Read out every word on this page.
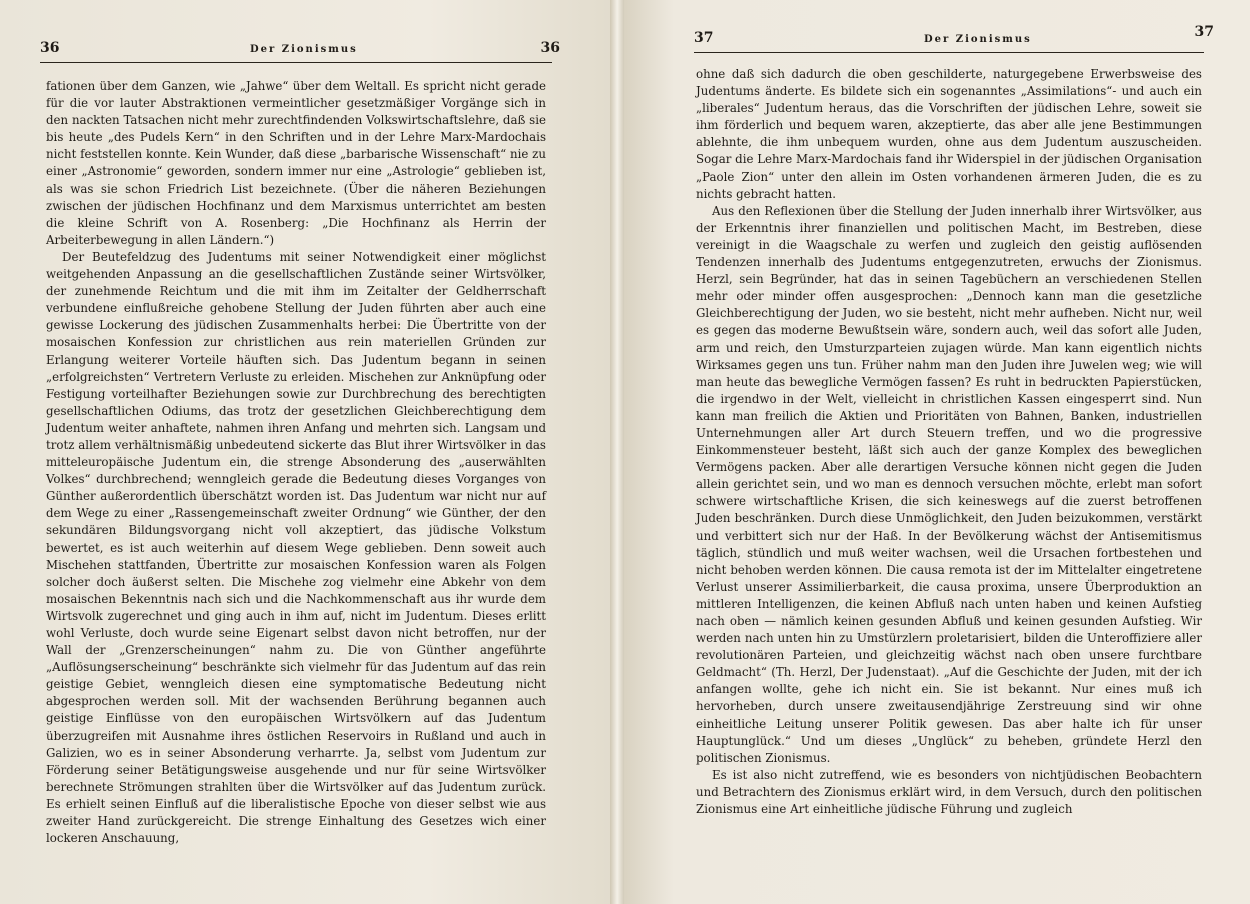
36	Der Zionismus	36

fationen über dem Ganzen, wie „Jahwe“ über dem Weltall. Es spricht nicht gerade für die vor lauter Abstraktionen vermeintlicher gesetzmäßiger Vorgänge sich in den nackten Tatsachen nicht mehr zurechtfindenden Volkswirtschaftslehre, daß sie bis heute „des Pudels Kern“ in den Schriften und in der Lehre Marx-Mardochais nicht feststellen konnte. Kein Wunder, daß diese „barbarische Wissenschaft“ nie zu einer „Astronomie“ geworden, sondern immer nur eine „Astrologie“ geblieben ist, als was sie schon Friedrich List bezeichnete. (Über die näheren Beziehungen zwischen der jüdischen Hochfinanz und dem Marxismus unterrichtet am besten die kleine Schrift von A. Rosenberg: „Die Hochfinanz als Herrin der Arbeiterbewegung in allen Ländern.“)

Der Beutefeldzug des Judentums mit seiner Notwendigkeit einer möglichst weitgehenden Anpassung an die gesellschaftlichen Zustände seiner Wirtsvölker, der zunehmende Reichtum und die mit ihm im Zeitalter der Geldherrschaft verbundene einflußreiche gehobene Stellung der Juden führten aber auch eine gewisse Lockerung des jüdischen Zusammenhalts herbei: Die Übertritte von der mosaischen Konfession zur christlichen aus rein materiellen Gründen zur Erlangung weiterer Vorteile häuften sich. Das Judentum begann in seinen „erfolgreichsten“ Vertretern Verluste zu erleiden. Mischehen zur Anknüpfung oder Festigung vorteilhafter Beziehungen sowie zur Durchbrechung des berechtigten gesellschaftlichen Odiums, das trotz der gesetzlichen Gleichberechtigung dem Judentum weiter anhaftete, nahmen ihren Anfang und mehrten sich. Langsam und trotz allem verhältnismäßig unbedeutend sickerte das Blut ihrer Wirtsvölker in das mitteleuropäische Judentum ein, die strenge Absonderung des „auserwählten Volkes“ durchbrechend; wenngleich gerade die Bedeutung dieses Vorganges von Günther außerordentlich überschätzt worden ist. Das Judentum war nicht nur auf dem Wege zu einer „Rassengemeinschaft zweiter Ordnung“ wie Günther, der den sekundären Bildungsvorgang nicht voll akzeptiert, das jüdische Volkstum bewertet, es ist auch weiterhin auf diesem Wege geblieben. Denn soweit auch Mischehen stattfanden, Übertritte zur mosaischen Konfession waren als Folgen solcher doch äußerst selten. Die Mischehe zog vielmehr eine Abkehr von dem mosaischen Bekenntnis nach sich und die Nachkommenschaft aus ihr wurde dem Wirtsvolk zugerechnet und ging auch in ihm auf, nicht im Judentum. Dieses erlitt wohl Verluste, doch wurde seine Eigenart selbst davon nicht betroffen, nur der Wall der „Grenzerscheinungen“ nahm zu. Die von Günther angeführte „Auflösungserscheinung“ beschränkte sich vielmehr für das Judentum auf das rein geistige Gebiet, wenngleich diesen eine symptomatische Bedeutung nicht abgesprochen werden soll. Mit der wachsenden Berührung begannen auch geistige Einflüsse von den europäischen Wirtsvölkern auf das Judentum überzugreifen mit Ausnahme ihres östlichen Reservoirs in Rußland und auch in Galizien, wo es in seiner Absonderung verharrte. Ja, selbst vom Judentum zur Förderung seiner Betätigungsweise ausgehende und nur für seine Wirtsvölker berechnete Strömungen strahlten über die Wirtsvölker auf das Judentum zurück. Es erhielt seinen Einfluß auf die liberalistische Epoche von dieser selbst wie aus zweiter Hand zurückgereicht. Die strenge Einhaltung des Gesetzes wich einer lockeren Anschauung,

37	Der Zionismus	37

ohne daß sich dadurch die oben geschilderte, naturgegebene Erwerbsweise des Judentums änderte. Es bildete sich ein sogenanntes „Assimilations“- und auch ein „liberales“ Judentum heraus, das die Vorschriften der jüdischen Lehre, soweit sie ihm förderlich und bequem waren, akzeptierte, das aber alle jene Bestimmungen ablehnte, die ihm unbequem wurden, ohne aus dem Judentum auszuscheiden. Sogar die Lehre Marx-Mardochais fand ihr Widerspiel in der jüdischen Organisation „Paole Zion“ unter den allein im Osten vorhandenen ärmeren Juden, die es zu nichts gebracht hatten.

Aus den Reflexionen über die Stellung der Juden innerhalb ihrer Wirtsvölker, aus der Erkenntnis ihrer finanziellen und politischen Macht, im Bestreben, diese vereinigt in die Waagschale zu werfen und zugleich den geistig auflösenden Tendenzen innerhalb des Judentums entgegenzutreten, erwuchs der Zionismus. Herzl, sein Begründer, hat das in seinen Tagebüchern an verschiedenen Stellen mehr oder minder offen ausgesprochen: „Dennoch kann man die gesetzliche Gleichberechtigung der Juden, wo sie besteht, nicht mehr aufheben. Nicht nur, weil es gegen das moderne Bewußtsein wäre, sondern auch, weil das sofort alle Juden, arm und reich, den Umsturzparteien zujagen würde. Man kann eigentlich nichts Wirksames gegen uns tun. Früher nahm man den Juden ihre Juwelen weg; wie will man heute das bewegliche Vermögen fassen? Es ruht in bedruckten Papierstücken, die irgendwo in der Welt, vielleicht in christlichen Kassen eingesperrt sind. Nun kann man freilich die Aktien und Prioritäten von Bahnen, Banken, industriellen Unternehmungen aller Art durch Steuern treffen, und wo die progressive Einkommensteuer besteht, läßt sich auch der ganze Komplex des beweglichen Vermögens packen. Aber alle derartigen Versuche können nicht gegen die Juden allein gerichtet sein, und wo man es dennoch versuchen möchte, erlebt man sofort schwere wirtschaftliche Krisen, die sich keineswegs auf die zuerst betroffenen Juden beschränken. Durch diese Unmöglichkeit, den Juden beizukommen, verstärkt und verbittert sich nur der Haß. In der Bevölkerung wächst der Antisemitismus täglich, stündlich und muß weiter wachsen, weil die Ursachen fortbestehen und nicht behoben werden können. Die causa remota ist der im Mittelalter eingetretene Verlust unserer Assimilierbarkeit, die causa proxima, unsere Überproduktion an mittleren Intelligenzen, die keinen Abfluß nach unten haben und keinen Aufstieg nach oben — nämlich keinen gesunden Abfluß und keinen gesunden Aufstieg. Wir werden nach unten hin zu Umstürzlern proletarisiert, bilden die Unteroffiziere aller revolutionären Parteien, und gleichzeitig wächst nach oben unsere furchtbare Geldmacht“ (Th. Herzl, Der Judenstaat). „Auf die Geschichte der Juden, mit der ich anfangen wollte, gehe ich nicht ein. Sie ist bekannt. Nur eines muß ich hervorheben, durch unsere zweitausendjährige Zerstreuung sind wir ohne einheitliche Leitung unserer Politik gewesen. Das aber halte ich für unser Hauptunglück.“ Und um dieses „Unglück“ zu beheben, gründete Herzl den politischen Zionismus.

Es ist also nicht zutreffend, wie es besonders von nichtjüdischen Beobachtern und Betrachtern des Zionismus erklärt wird, in dem Versuch, durch den politischen Zionismus eine Art einheitliche jüdische Führung und zugleich
